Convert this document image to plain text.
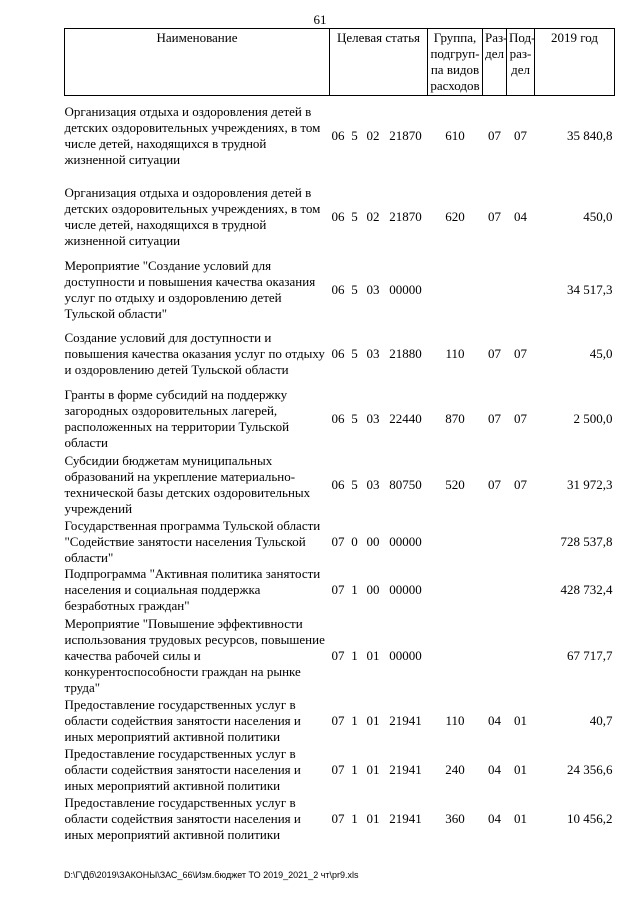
61
Наименование	Целевая статья				Группа, подгруп-па видов расходов	Раз-дел	Под-раз-дел	2019 год
Организация отдыха и оздоровления детей в детских оздоровительных учреждениях, в том числе детей, находящихся в трудной жизненной ситуации	06	5	02	21870	610	07	07	35 840,8
Организация отдыха и оздоровления детей в детских оздоровительных учреждениях, в том числе детей, находящихся в трудной жизненной ситуации	06	5	02	21870	620	07	04	450,0
Мероприятие "Создание условий для доступности и повышения качества оказания услуг по отдыху и оздоровлению детей Тульской области"	06	5	03	00000				34 517,3
Создание условий для доступности и повышения качества оказания услуг по отдыху и оздоровлению детей Тульской области	06	5	03	21880	110	07	07	45,0
Гранты в форме субсидий на поддержку загородных оздоровительных лагерей, расположенных на территории Тульской области	06	5	03	22440	870	07	07	2 500,0
Субсидии бюджетам муниципальных образований на укрепление материально-технической базы детских оздоровительных учреждений	06	5	03	80750	520	07	07	31 972,3
Государственная программа Тульской области "Содействие занятости населения Тульской области"	07	0	00	00000				728 537,8
Подпрограмма "Активная политика занятости населения и социальная поддержка безработных граждан"	07	1	00	00000				428 732,4
Мероприятие "Повышение эффективности использования трудовых ресурсов, повышение качества рабочей силы и конкурентоспособности граждан на рынке труда"	07	1	01	00000				67 717,7
Предоставление государственных услуг в области содействия занятости населения и иных мероприятий активной политики	07	1	01	21941	110	04	01	40,7
Предоставление государственных услуг в области содействия занятости населения и иных мероприятий активной политики	07	1	01	21941	240	04	01	24 356,6
Предоставление государственных услуг в области содействия занятости населения и иных мероприятий активной политики	07	1	01	21941	360	04	01	10 456,2
D:\Г\Дб\2019\ЗАКОНЫ\ЗАС_66\Изм.бюджет ТО 2019_2021_2 чт\pr9.xls
